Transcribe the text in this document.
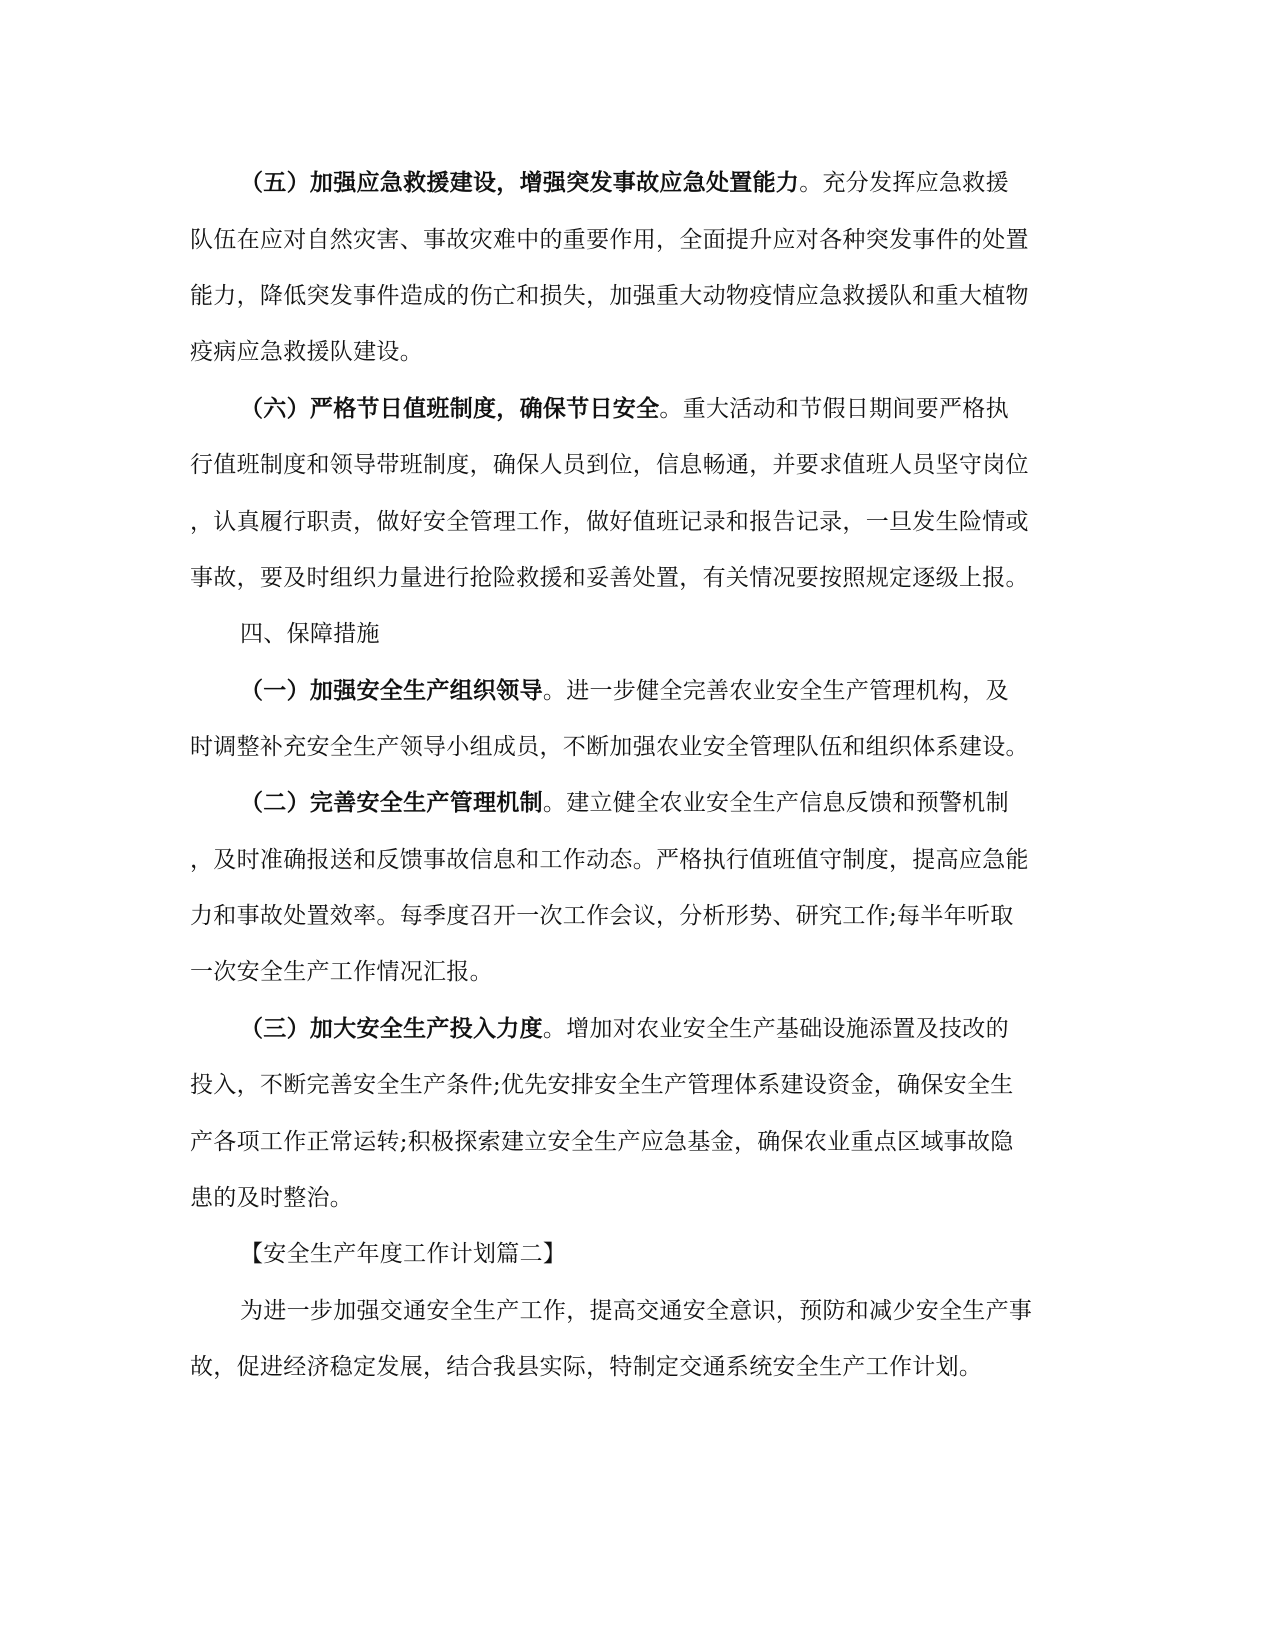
（五）加强应急救援建设，增强突发事故应急处置能力。充分发挥应急救援
队伍在应对自然灾害、事故灾难中的重要作用，全面提升应对各种突发事件的处置
能力，降低突发事件造成的伤亡和损失，加强重大动物疫情应急救援队和重大植物
疫病应急救援队建设。
（六）严格节日值班制度，确保节日安全。重大活动和节假日期间要严格执
行值班制度和领导带班制度，确保人员到位，信息畅通，并要求值班人员坚守岗位
，认真履行职责，做好安全管理工作，做好值班记录和报告记录，一旦发生险情或
事故，要及时组织力量进行抢险救援和妥善处置，有关情况要按照规定逐级上报。
四、保障措施
（一）加强安全生产组织领导。进一步健全完善农业安全生产管理机构，及
时调整补充安全生产领导小组成员，不断加强农业安全管理队伍和组织体系建设。
（二）完善安全生产管理机制。建立健全农业安全生产信息反馈和预警机制
，及时准确报送和反馈事故信息和工作动态。严格执行值班值守制度，提高应急能
力和事故处置效率。每季度召开一次工作会议，分析形势、研究工作;每半年听取
一次安全生产工作情况汇报。
（三）加大安全生产投入力度。增加对农业安全生产基础设施添置及技改的
投入，不断完善安全生产条件;优先安排安全生产管理体系建设资金，确保安全生
产各项工作正常运转;积极探索建立安全生产应急基金，确保农业重点区域事故隐
患的及时整治。
【安全生产年度工作计划篇二】
为进一步加强交通安全生产工作，提高交通安全意识，预防和减少安全生产事
故，促进经济稳定发展，结合我县实际，特制定交通系统安全生产工作计划。
